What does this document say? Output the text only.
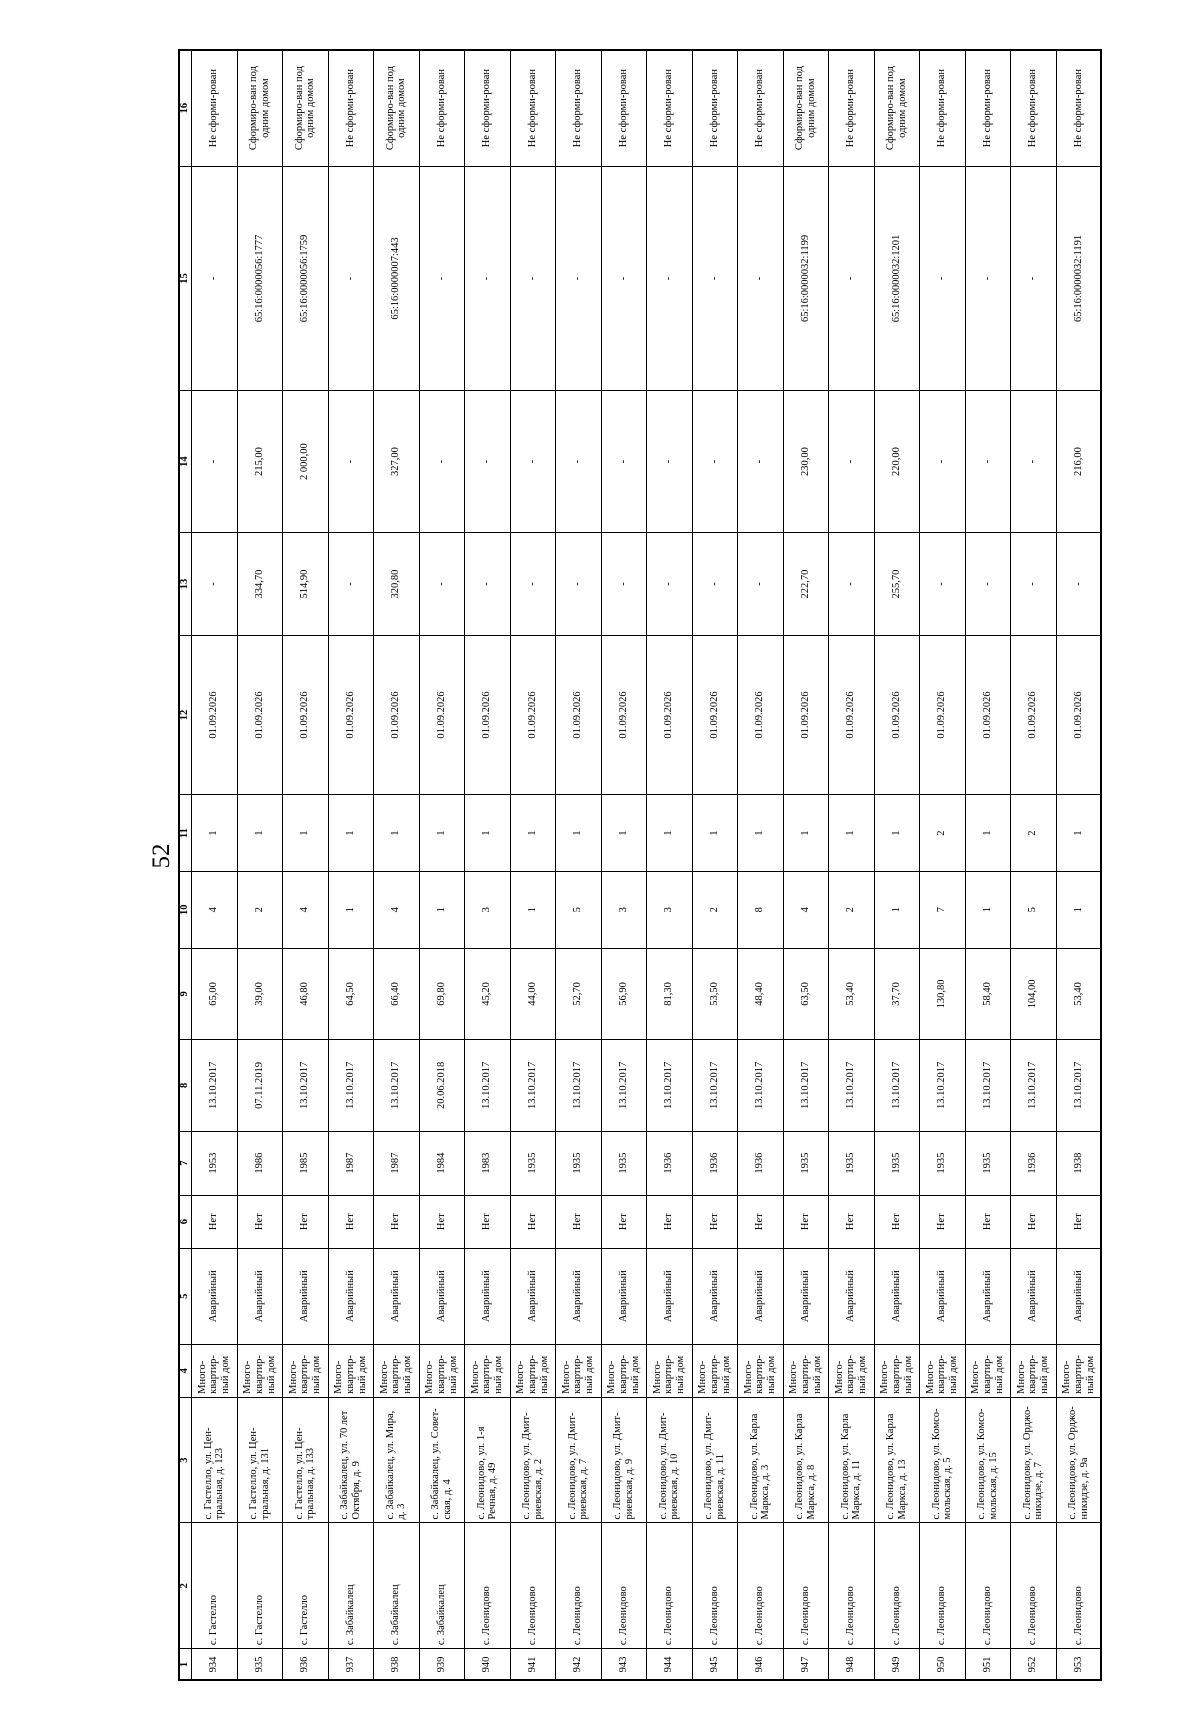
52
1	2	3	4	5	6	7	8	9	10	11	12	13	14	15	16
934	с. Гастелло	с. Гастелло, ул. Цен-тральная, д. 123	Много-квартир-ный дом	Аварийный	Нет	1953	13.10.2017	65,00	4	1	01.09.2026	-	-	-	Не сформи-рован
935	с. Гастелло	с. Гастелло, ул. Цен-тральная, д. 131	Много-квартир-ный дом	Аварийный	Нет	1986	07.11.2019	39,00	2	1	01.09.2026	334,70	215,00	65:16:0000056:1777	Сформиро-ван под одним домом
936	с. Гастелло	с. Гастелло, ул. Цен-тральная, д. 133	Много-квартир-ный дом	Аварийный	Нет	1985	13.10.2017	46,80	4	1	01.09.2026	514,90	2 000,00	65:16:0000056:1759	Сформиро-ван под одним домом
937	с. Забайкалец	с. Забайкалец, ул. 70 лет Октября, д. 9	Много-квартир-ный дом	Аварийный	Нет	1987	13.10.2017	64,50	1	1	01.09.2026	-	-	-	Не сформи-рован
938	с. Забайкалец	с. Забайкалец, ул. Мира, д. 3	Много-квартир-ный дом	Аварийный	Нет	1987	13.10.2017	66,40	4	1	01.09.2026	320,80	327,00	65:16:0000007:443	Сформиро-ван под одним домом
939	с. Забайкалец	с. Забайкалец, ул. Совет-ская, д. 4	Много-квартир-ный дом	Аварийный	Нет	1984	20.06.2018	69,80	1	1	01.09.2026	-	-	-	Не сформи-рован
940	с. Леонидово	с. Леонидово, ул. 1-я Речная, д. 49	Много-квартир-ный дом	Аварийный	Нет	1983	13.10.2017	45,20	3	1	01.09.2026	-	-	-	Не сформи-рован
941	с. Леонидово	с. Леонидово, ул. Дмит-риевская, д. 2	Много-квартир-ный дом	Аварийный	Нет	1935	13.10.2017	44,00	1	1	01.09.2026	-	-	-	Не сформи-рован
942	с. Леонидово	с. Леонидово, ул. Дмит-риевская, д. 7	Много-квартир-ный дом	Аварийный	Нет	1935	13.10.2017	52,70	5	1	01.09.2026	-	-	-	Не сформи-рован
943	с. Леонидово	с. Леонидово, ул. Дмит-риевская, д. 9	Много-квартир-ный дом	Аварийный	Нет	1935	13.10.2017	56,90	3	1	01.09.2026	-	-	-	Не сформи-рован
944	с. Леонидово	с. Леонидово, ул. Дмит-риевская, д. 10	Много-квартир-ный дом	Аварийный	Нет	1936	13.10.2017	81,30	3	1	01.09.2026	-	-	-	Не сформи-рован
945	с. Леонидово	с. Леонидово, ул. Дмит-риевская, д. 11	Много-квартир-ный дом	Аварийный	Нет	1936	13.10.2017	53,50	2	1	01.09.2026	-	-	-	Не сформи-рован
946	с. Леонидово	с. Леонидово, ул. Карла Маркса, д. 3	Много-квартир-ный дом	Аварийный	Нет	1936	13.10.2017	48,40	8	1	01.09.2026	-	-	-	Не сформи-рован
947	с. Леонидово	с. Леонидово, ул. Карла Маркса, д. 8	Много-квартир-ный дом	Аварийный	Нет	1935	13.10.2017	63,50	4	1	01.09.2026	222,70	230,00	65:16:0000032:1199	Сформиро-ван под одним домом
948	с. Леонидово	с. Леонидово, ул. Карла Маркса, д. 11	Много-квартир-ный дом	Аварийный	Нет	1935	13.10.2017	53,40	2	1	01.09.2026	-	-	-	Не сформи-рован
949	с. Леонидово	с. Леонидово, ул. Карла Маркса, д. 13	Много-квартир-ный дом	Аварийный	Нет	1935	13.10.2017	37,70	1	1	01.09.2026	255,70	220,00	65:16:0000032:1201	Сформиро-ван под одним домом
950	с. Леонидово	с. Леонидово, ул. Комсо-мольская, д. 5	Много-квартир-ный дом	Аварийный	Нет	1935	13.10.2017	130,80	7	2	01.09.2026	-	-	-	Не сформи-рован
951	с. Леонидово	с. Леонидово, ул. Комсо-мольская, д. 15	Много-квартир-ный дом	Аварийный	Нет	1935	13.10.2017	58,40	1	1	01.09.2026	-	-	-	Не сформи-рован
952	с. Леонидово	с. Леонидово, ул. Орджо-никидзе, д. 7	Много-квартир-ный дом	Аварийный	Нет	1936	13.10.2017	104,00	5	2	01.09.2026	-	-	-	Не сформи-рован
953	с. Леонидово	с. Леонидово, ул. Орджо-никидзе, д. 9а	Много-квартир-ный дом	Аварийный	Нет	1938	13.10.2017	53,40	1	1	01.09.2026	-	216,00	65:16:0000032:1191	Не сформи-рован
